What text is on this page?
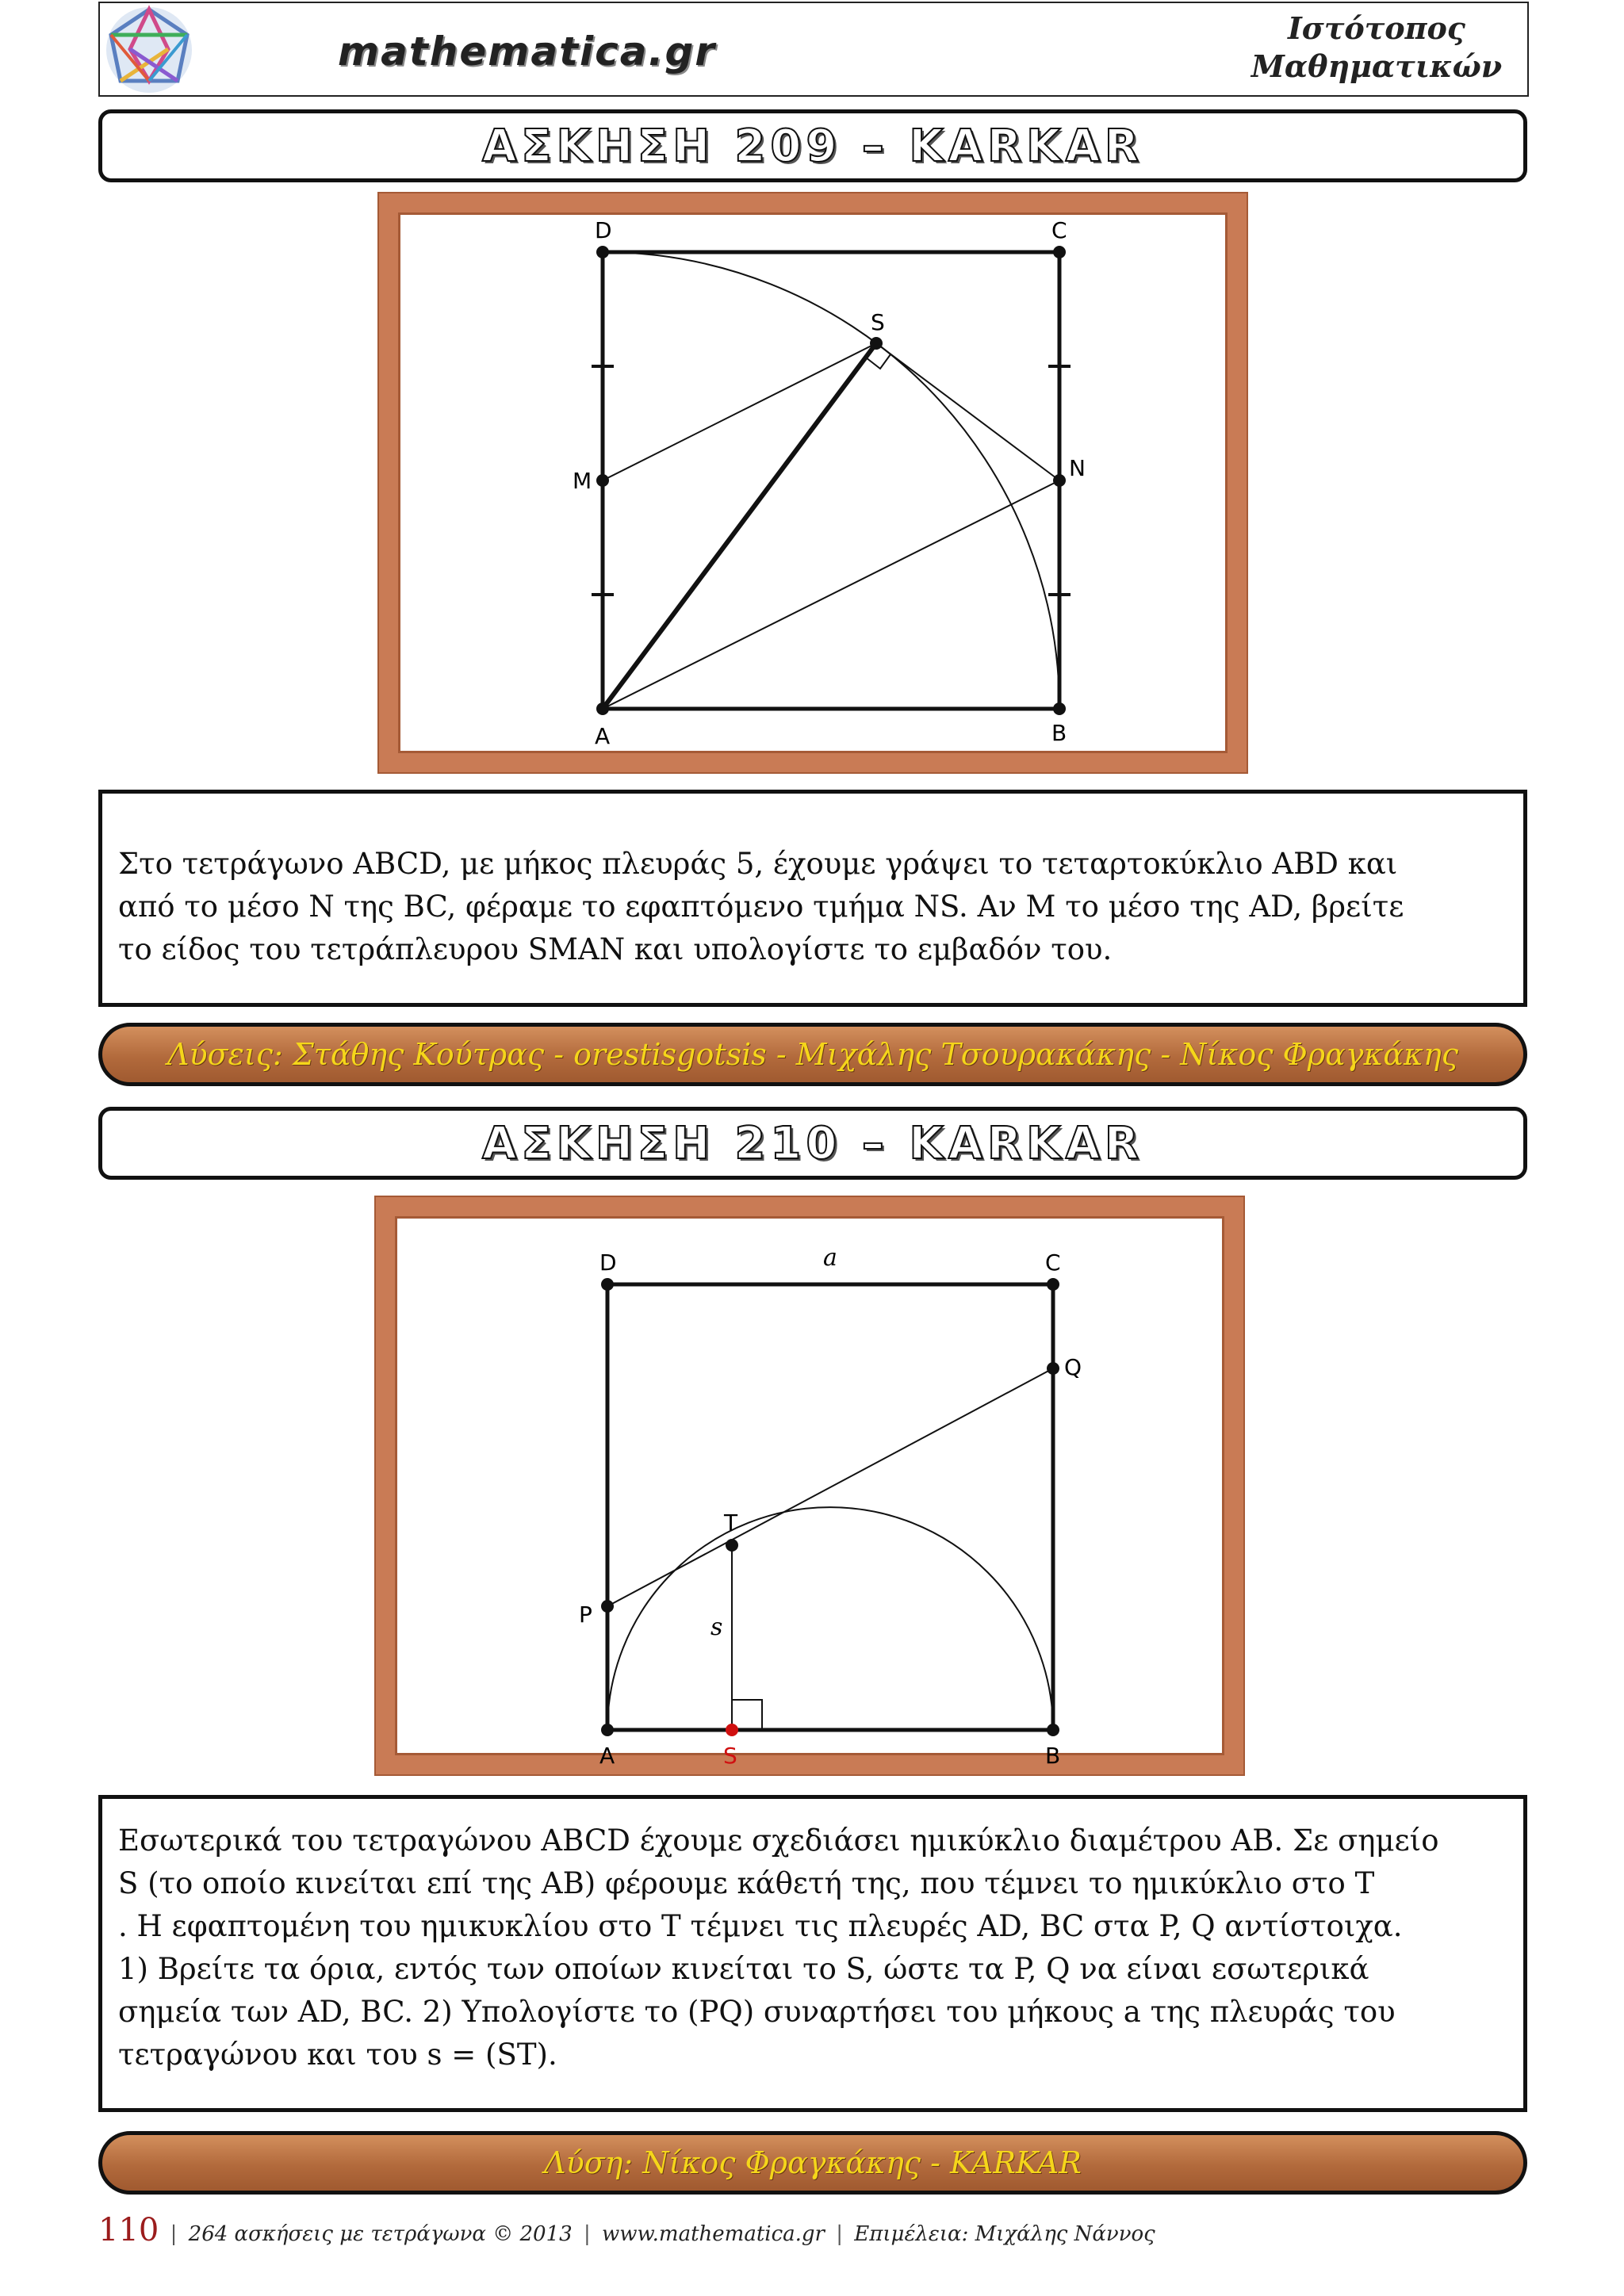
mathematica.gr
Ιστότοπος
Μαθηματικών
ΑΣΚΗΣΗ 209 – KARKAR
D	C
S
M	N
A	B

Στο τετράγωνο ABCD, με μήκος πλευράς 5, έχουμε γράψει το τεταρτοκύκλιο ABD και

από το μέσο N της BC, φέραμε το εφαπτόμενο τμήμα NS. Αν M το μέσο της AD, βρείτε

το είδος του τετράπλευρου SMAN και υπολογίστε το εμβαδόν του.

Λύσεις: Στάθης Κούτρας - orestisgotsis - Μιχάλης Τσουρακάκης - Νίκος Φραγκάκης
ΑΣΚΗΣΗ 210 – KARKAR
D	a	C
Q
T
P	s
A	S	B

Εσωτερικά του τετραγώνου ABCD έχουμε σχεδιάσει ημικύκλιο διαμέτρου AB. Σε σημείο

S (το οποίο κινείται επί της AB) φέρουμε κάθετή της, που τέμνει το ημικύκλιο στο T

. Η εφαπτομένη του ημικυκλίου στο T τέμνει τις πλευρές AD, BC στα P, Q αντίστοιχα.

1) Βρείτε τα όρια, εντός των οποίων κινείται το S, ώστε τα P, Q να είναι εσωτερικά

σημεία των AD, BC. 2) Υπολογίστε το (PQ) συναρτήσει του μήκους a της πλευράς του

τετραγώνου και του s = (ST).

Λύση: Νίκος Φραγκάκης - KARKAR
110 | 264 ασκήσεις με τετράγωνα © 2013 | www.mathematica.gr | Επιμέλεια: Μιχάλης Νάννος
